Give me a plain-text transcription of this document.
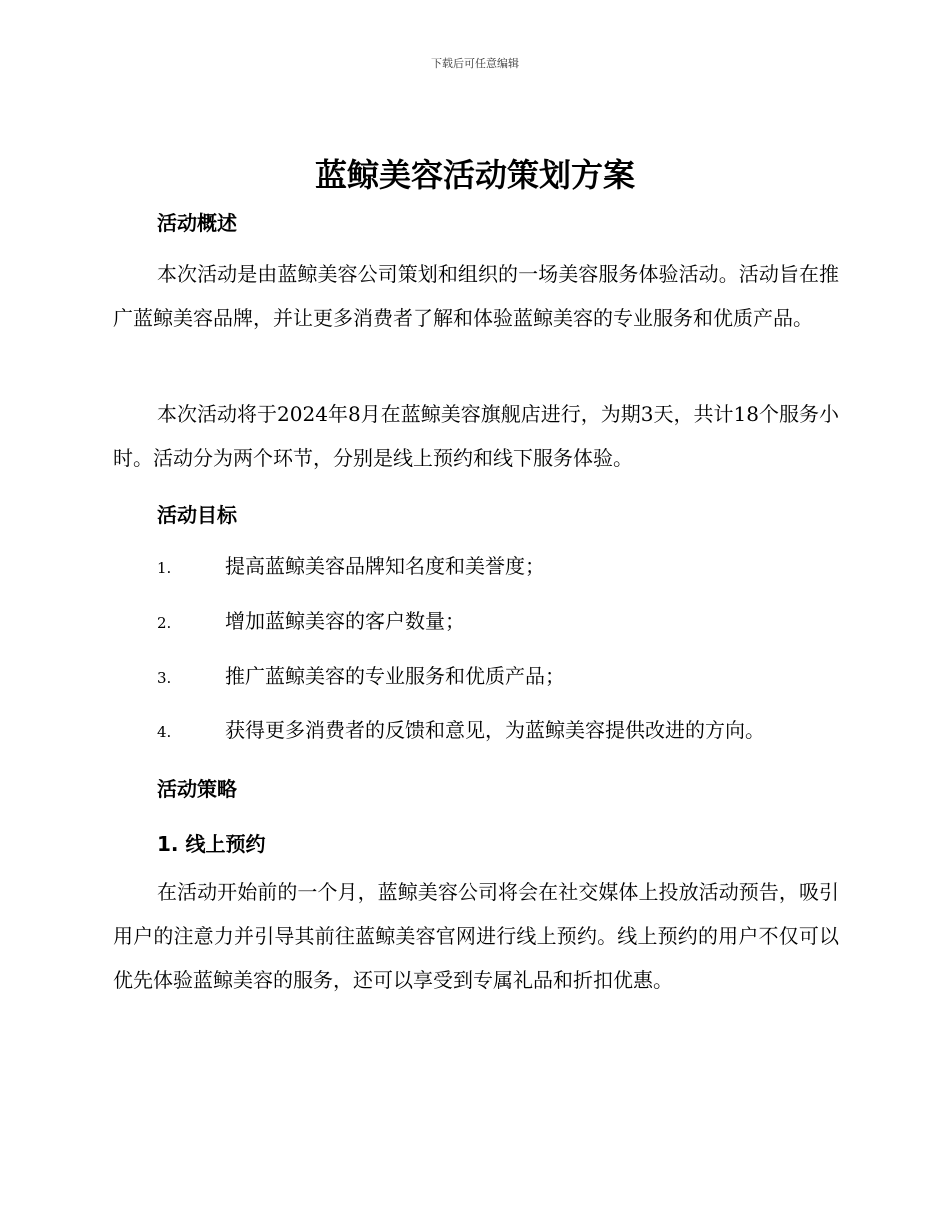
下载后可任意编辑
蓝鲸美容活动策划方案
活动概述
本次活动是由蓝鲸美容公司策划和组织的一场美容服务体验活动。活动旨在推广蓝鲸美容品牌，并让更多消费者了解和体验蓝鲸美容的专业服务和优质产品。
本次活动将于2024年8月在蓝鲸美容旗舰店进行，为期3天，共计18个服务小时。活动分为两个环节，分别是线上预约和线下服务体验。
活动目标
1.	提高蓝鲸美容品牌知名度和美誉度；
2.	增加蓝鲸美容的客户数量；
3.	推广蓝鲸美容的专业服务和优质产品；
4.	获得更多消费者的反馈和意见，为蓝鲸美容提供改进的方向。
活动策略
1. 线上预约
在活动开始前的一个月，蓝鲸美容公司将会在社交媒体上投放活动预告，吸引用户的注意力并引导其前往蓝鲸美容官网进行线上预约。线上预约的用户不仅可以优先体验蓝鲸美容的服务，还可以享受到专属礼品和折扣优惠。
